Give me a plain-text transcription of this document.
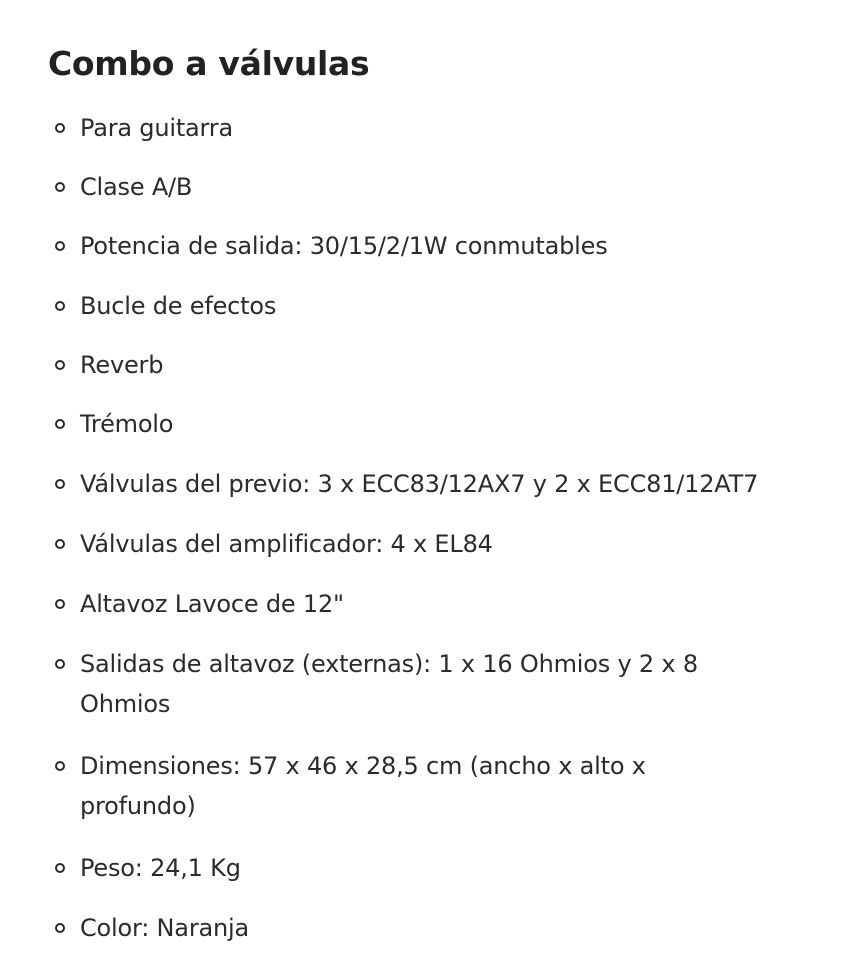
Combo a válvulas
Para guitarra
Clase A/B
Potencia de salida: 30/15/2/1W conmutables
Bucle de efectos
Reverb
Trémolo
Válvulas del previo: 3 x ECC83/12AX7 y 2 x ECC81/12AT7
Válvulas del amplificador: 4 x EL84
Altavoz Lavoce de 12"
Salidas de altavoz (externas): 1 x 16 Ohmios y 2 x 8 Ohmios
Dimensiones: 57 x 46 x 28,5 cm (ancho x alto x profundo)
Peso: 24,1 Kg
Color: Naranja
